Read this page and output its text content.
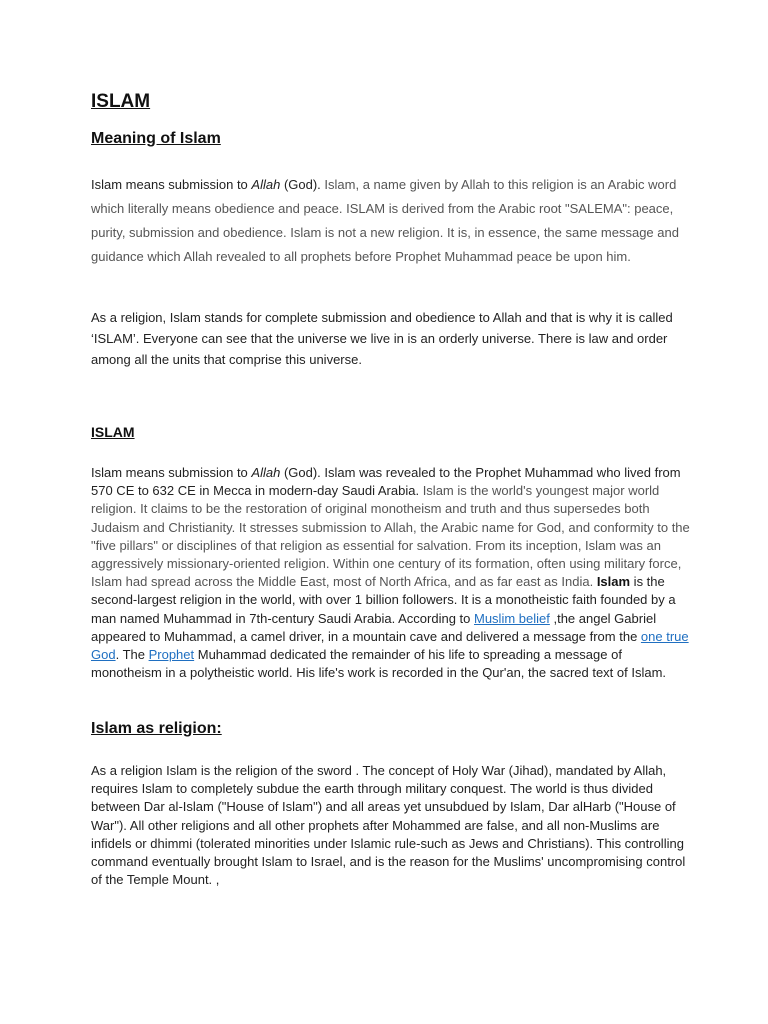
ISLAM
Meaning of Islam

Islam means submission to Allah (God). Islam, a name given by Allah to this religion is an Arabic word which literally means obedience and peace. ISLAM is derived from the Arabic root "SALEMA": peace, purity, submission and obedience. Islam is not a new religion. It is, in essence, the same message and guidance which Allah revealed to all prophets before Prophet Muhammad peace be upon him.

As a religion, Islam stands for complete submission and obedience to Allah and that is why it is called ‘ISLAM’. Everyone can see that the universe we live in is an orderly universe. There is law and order among all the units that comprise this universe.

ISLAM

Islam means submission to Allah (God). Islam was revealed to the Prophet Muhammad who lived from 570 CE to 632 CE in Mecca in modern-day Saudi Arabia. Islam is the world's youngest major world religion. It claims to be the restoration of original monotheism and truth and thus supersedes both Judaism and Christianity. It stresses submission to Allah, the Arabic name for God, and conformity to the "five pillars" or disciplines of that religion as essential for salvation. From its inception, Islam was an aggressively missionary-oriented religion. Within one century of its formation, often using military force, Islam had spread across the Middle East, most of North Africa, and as far east as India. Islam is the second-largest religion in the world, with over 1 billion followers. It is a monotheistic faith founded by a man named Muhammad in 7th-century Saudi Arabia. According to Muslim belief ,the angel Gabriel appeared to Muhammad, a camel driver, in a mountain cave and delivered a message from the one true God. The Prophet Muhammad dedicated the remainder of his life to spreading a message of monotheism in a polytheistic world. His life's work is recorded in the Qur'an, the sacred text of Islam.

Islam as religion:

As a religion Islam is the religion of the sword . The concept of Holy War (Jihad), mandated by Allah, requires Islam to completely subdue the earth through military conquest. The world is thus divided between Dar al-Islam ("House of Islam") and all areas yet unsubdued by Islam, Dar alHarb ("House of War"). All other religions and all other prophets after Mohammed are false, and all non-Muslims are infidels or dhimmi (tolerated minorities under Islamic rule-such as Jews and Christians). This controlling command eventually brought Islam to Israel, and is the reason for the Muslims' uncompromising control of the Temple Mount. ,
